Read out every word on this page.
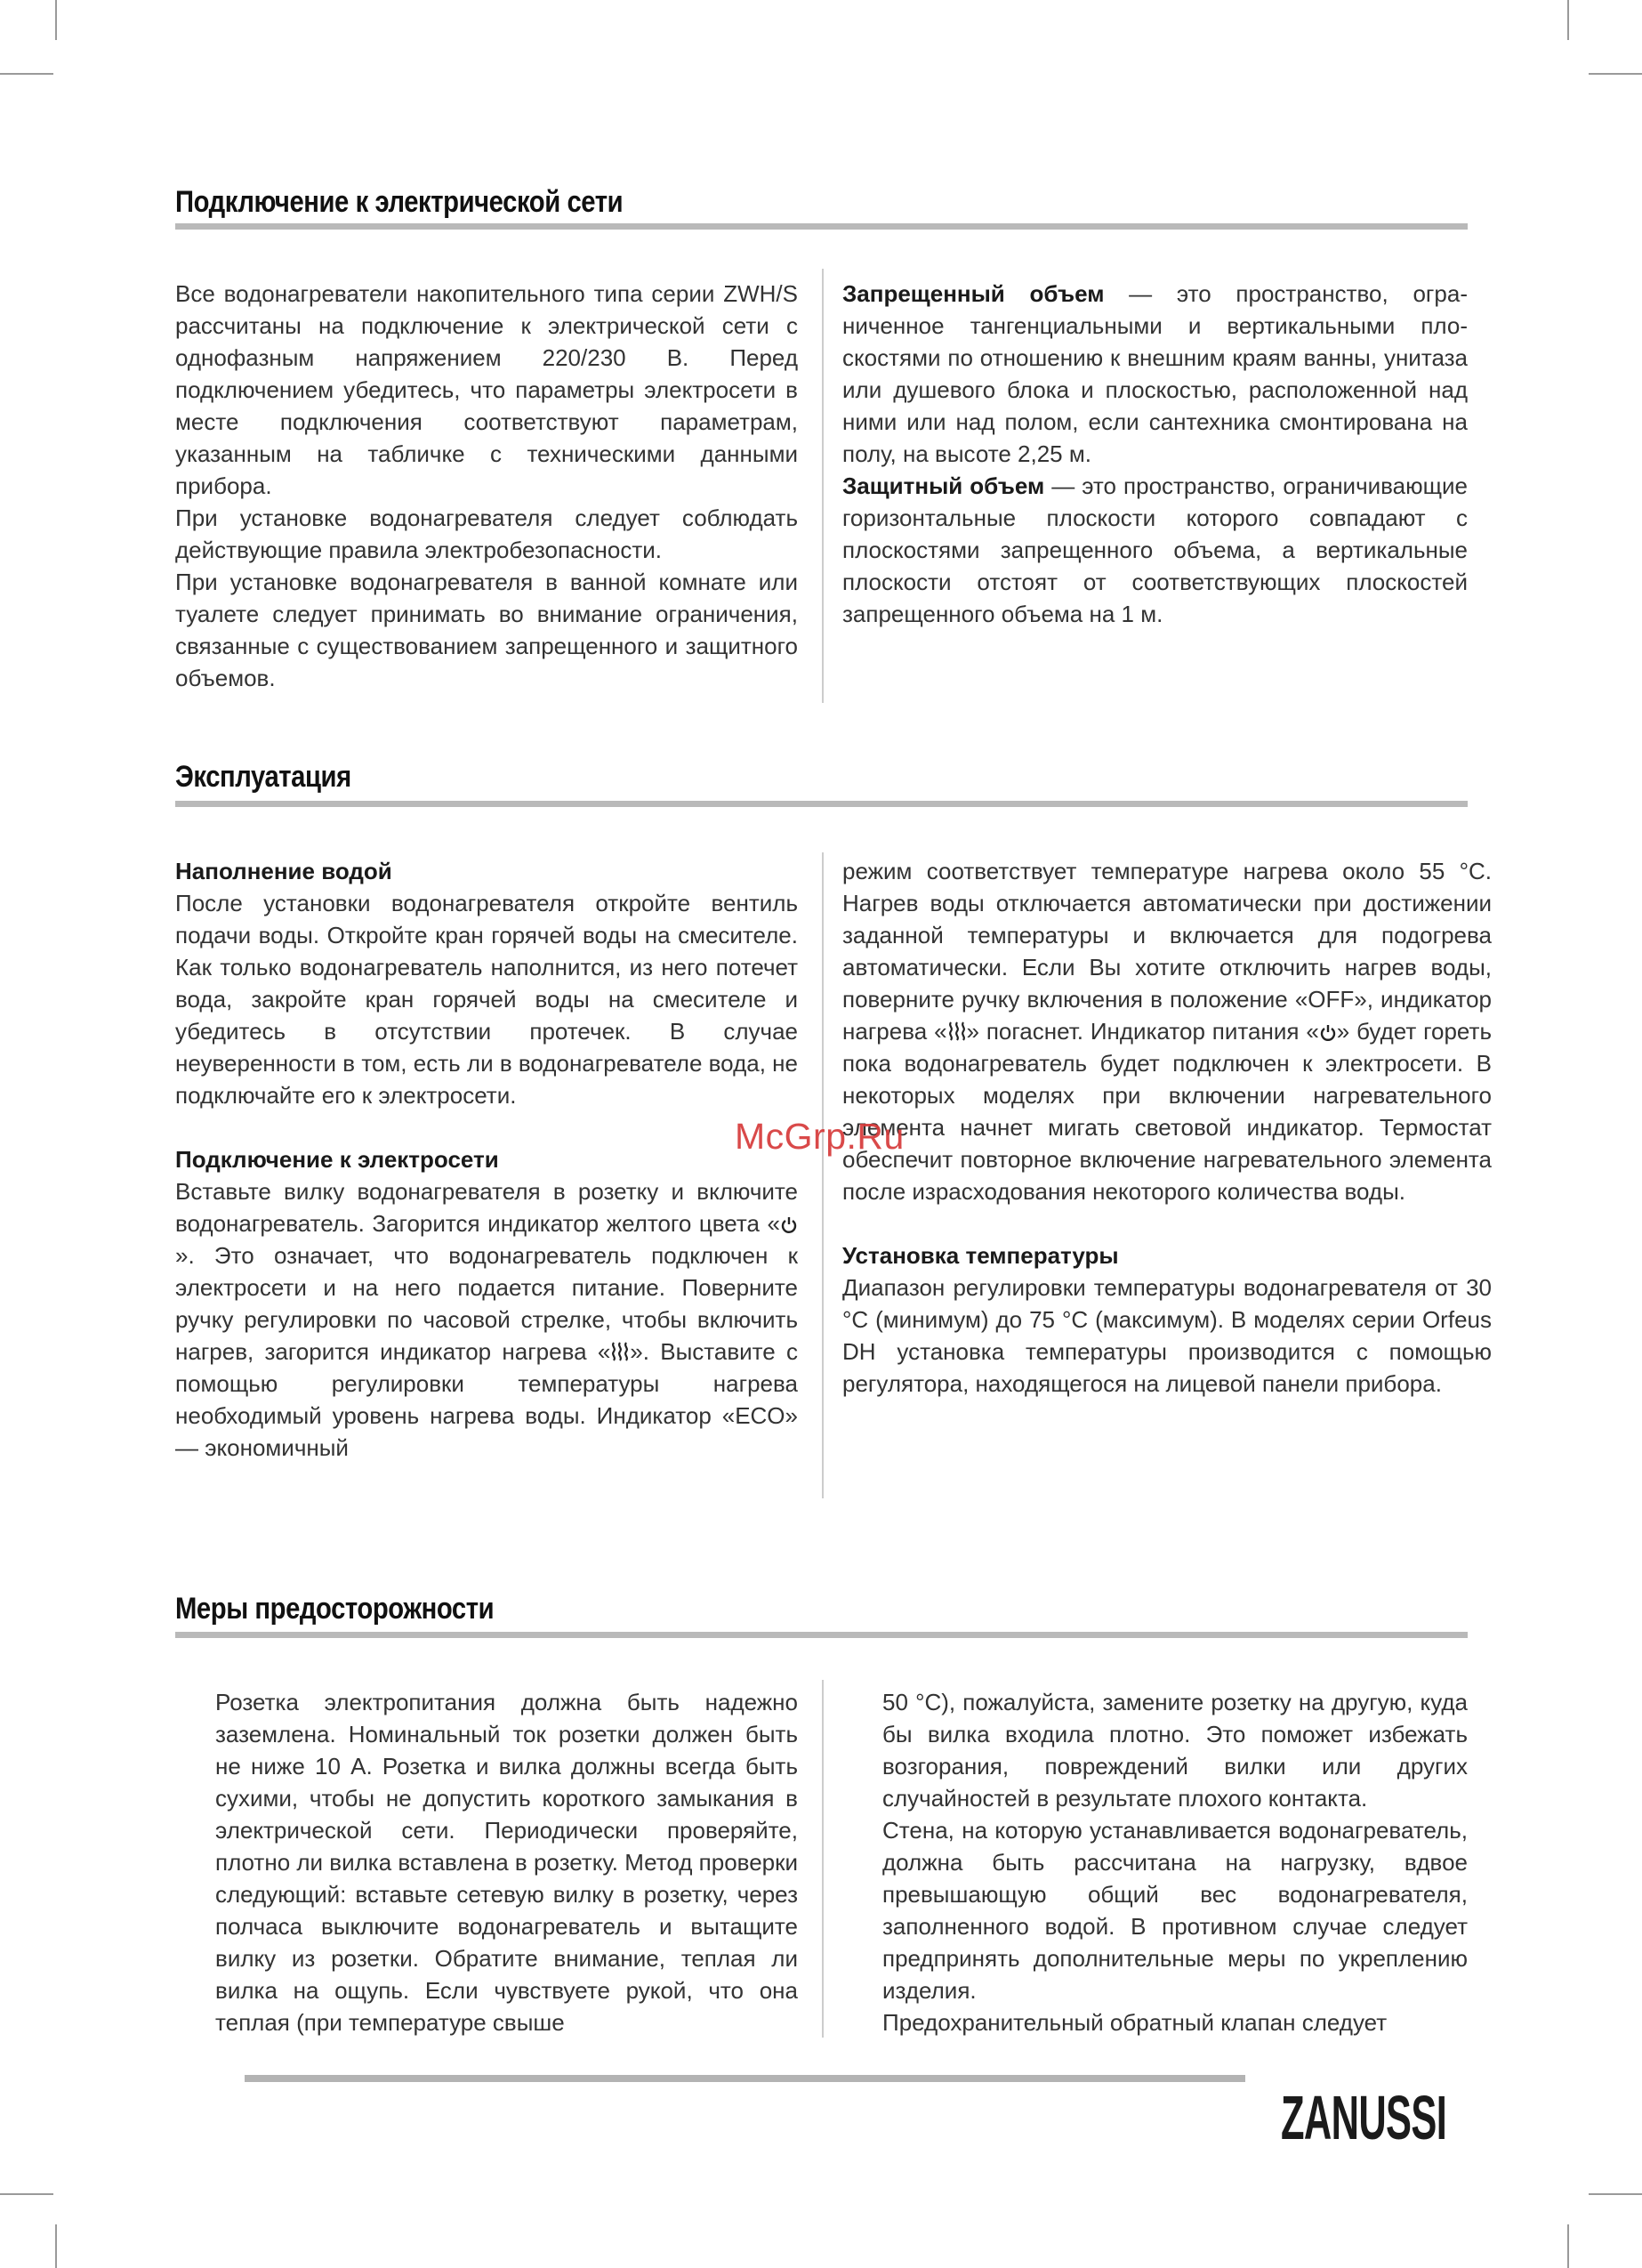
Подключение к электрической сети

Все водонагреватели накопительного типа серии ZWH/S рассчитаны на подключение к электрической сети с однофазным напряжением 220/230 В. Перед подключением убедитесь, что параметры электросети в месте подключения соответствуют параметрам, указанным на табличке с техническими данными прибора.

При установке водонагревателя следует соблюдать действующие правила электробезопасности.

При установке водонагревателя в ванной комнате или туалете следует принимать во внимание ограничения, связанные с существованием запрещенного и защитного объемов.

Запрещенный объем — это пространство, ограниченное тангенциальными и вертикальными плоскостями по отношению к внешним краям ванны, унитаза или душевого блока и плоскостью, расположенной над ними или над полом, если сантехника смонтирована на полу, на высоте 2,25 м.

Защитный объем — это пространство, ограничивающие горизонтальные плоскости которого совпадают с плоскостями запрещенного объема, а вертикальные плоскости отстоят от соответствующих плоскостей запрещенного объема на 1 м.

Эксплуатация

Наполнение водой

После установки водонагревателя откройте вентиль подачи воды. Откройте кран горячей воды на смесителе. Как только водонагреватель наполнится, из него потечет вода, закройте кран горячей воды на смесителе и убедитесь в отсутствии протечек. В случае неуверенности в том, есть ли в водонагревателе вода, не подключайте его к электросети.

Подключение к электросети

Вставьте вилку водонагревателя в розетку и включите водонагреватель. Загорится индикатор желтого цвета «». Это означает, что водонагреватель подключен к электросети и на него подается питание. Поверните ручку регулировки по часовой стрелке, чтобы включить нагрев, загорится индикатор нагрева « ». Выставите с помощью регулировки температуры нагрева необходимый уровень нагрева воды. Индикатор «ECO» — экономичный

режим соответствует температуре нагрева около 55 °С. Нагрев воды отключается автоматически при достижении заданной температуры и включается для подогрева автоматически. Если Вы хотите отключить нагрев воды, поверните ручку включения в положение «OFF», индикатор нагрева « » погаснет. Индикатор питания « » будет гореть пока водонагреватель будет подключен к электросети. В некоторых моделях при включении нагревательного элемента начнет мигать световой индикатор. Термостат обеспечит повторное включение нагревательного элемента после израсходования некоторого количества воды.

Установка температуры

Диапазон регулировки температуры водонагревателя от 30 °С (минимум) до 75 °С (максимум). В моделях серии Orfeus DH установка температуры производится с помощью регулятора, находящегося на лицевой панели прибора.

McGrp.Ru
Меры предосторожности

Розетка электропитания должна быть надежно заземлена. Номинальный ток розетки должен быть не ниже 10 А. Розетка и вилка должны всегда быть сухими, чтобы не допустить короткого замыкания в электрической сети. Периодически проверяйте, плотно ли вилка вставлена в розетку. Метод проверки следующий: вставьте сетевую вилку в розетку, через полчаса выключите водонагреватель и вытащите вилку из розетки. Обратите внимание, теплая ли вилка на ощупь. Если чувствуете рукой, что она теплая (при температуре свыше

50 °С), пожалуйста, замените розетку на другую, куда бы вилка входила плотно. Это поможет избежать возгорания, повреждений вилки или других случайностей в результате плохого контакта.

Стена, на которую устанавливается водонагреватель, должна быть рассчитана на нагрузку, вдвое превышающую общий вес водонагревателя, заполненного водой. В противном случае следует предпринять дополнительные меры по укреплению изделия.

Предохранительный обратный клапан следует

ZANUSSI
